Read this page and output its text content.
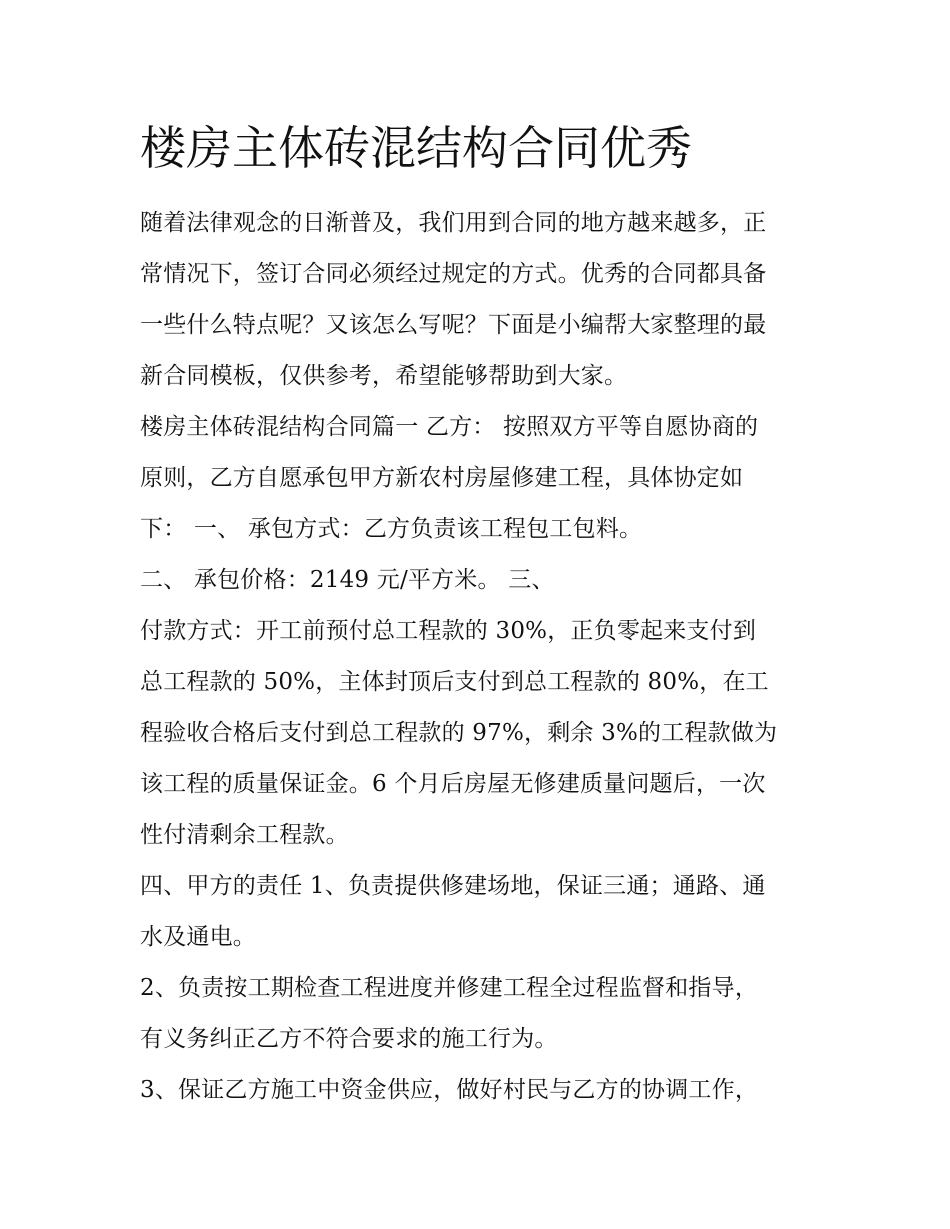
楼房主体砖混结构合同优秀

随着法律观念的日渐普及，我们用到合同的地方越来越多，正

常情况下，签订合同必须经过规定的方式。优秀的合同都具备

一些什么特点呢？又该怎么写呢？下面是小编帮大家整理的最

新合同模板，仅供参考，希望能够帮助到大家。

楼房主体砖混结构合同篇一 乙方： 按照双方平等自愿协商的

原则，乙方自愿承包甲方新农村房屋修建工程，具体协定如

下： 一、 承包方式：乙方负责该工程包工包料。

二、 承包价格：2149 元/平方米。 三、

付款方式：开工前预付总工程款的 30%，正负零起来支付到

总工程款的 50%，主体封顶后支付到总工程款的 80%，在工

程验收合格后支付到总工程款的 97%，剩余 3%的工程款做为

该工程的质量保证金。6 个月后房屋无修建质量问题后，一次

性付清剩余工程款。

四、甲方的责任 1、负责提供修建场地，保证三通；通路、通

水及通电。

2、负责按工期检查工程进度并修建工程全过程监督和指导，

有义务纠正乙方不符合要求的施工行为。

3、保证乙方施工中资金供应，做好村民与乙方的协调工作，
